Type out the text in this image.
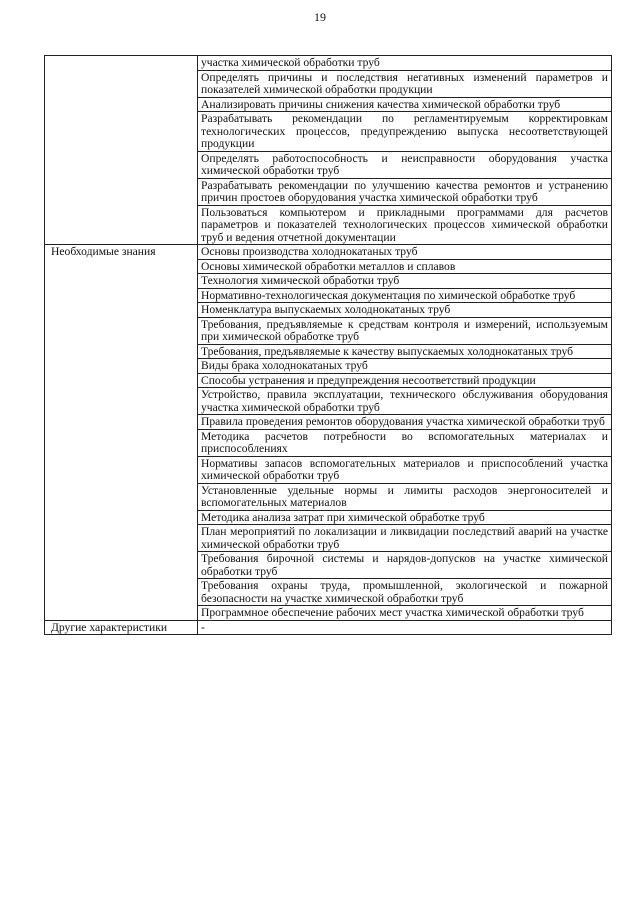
19
	участка химической обработки труб
	Определять причины и последствия негативных изменений параметров и показателей химической обработки продукции
	Анализировать причины снижения качества химической обработки труб
	Разрабатывать рекомендации по регламентируемым корректировкам технологических процессов, предупреждению выпуска несоответствующей продукции
	Определять работоспособность и неисправности оборудования участка химической обработки труб
	Разрабатывать рекомендации по улучшению качества ремонтов и устранению причин простоев оборудования участка химической обработки труб
	Пользоваться компьютером и прикладными программами для расчетов параметров и показателей технологических процессов химической обработки труб и ведения отчетной документации
Необходимые знания	Основы производства холоднокатаных труб
	Основы химической обработки металлов и сплавов
	Технология химической обработки труб
	Нормативно-технологическая документация по химической обработке труб
	Номенклатура выпускаемых холоднокатаных труб
	Требования, предъявляемые к средствам контроля и измерений, используемым при химической обработке труб
	Требования, предъявляемые к качеству выпускаемых холоднокатаных труб
	Виды брака холоднокатаных труб
	Способы устранения и предупреждения несоответствий продукции
	Устройство, правила эксплуатации, технического обслуживания оборудования участка химической обработки труб
	Правила проведения ремонтов оборудования участка химической обработки труб
	Методика расчетов потребности во вспомогательных материалах и приспособлениях
	Нормативы запасов вспомогательных материалов и приспособлений участка химической обработки труб
	Установленные удельные нормы и лимиты расходов энергоносителей и вспомогательных материалов
	Методика анализа затрат при химической обработке труб
	План мероприятий по локализации и ликвидации последствий аварий на участке химической обработки труб
	Требования бирочной системы и нарядов-допусков на участке химической обработки труб
	Требования охраны труда, промышленной, экологической и пожарной безопасности на участке химической обработки труб
	Программное обеспечение рабочих мест участка химической обработки труб
Другие характеристики	-
